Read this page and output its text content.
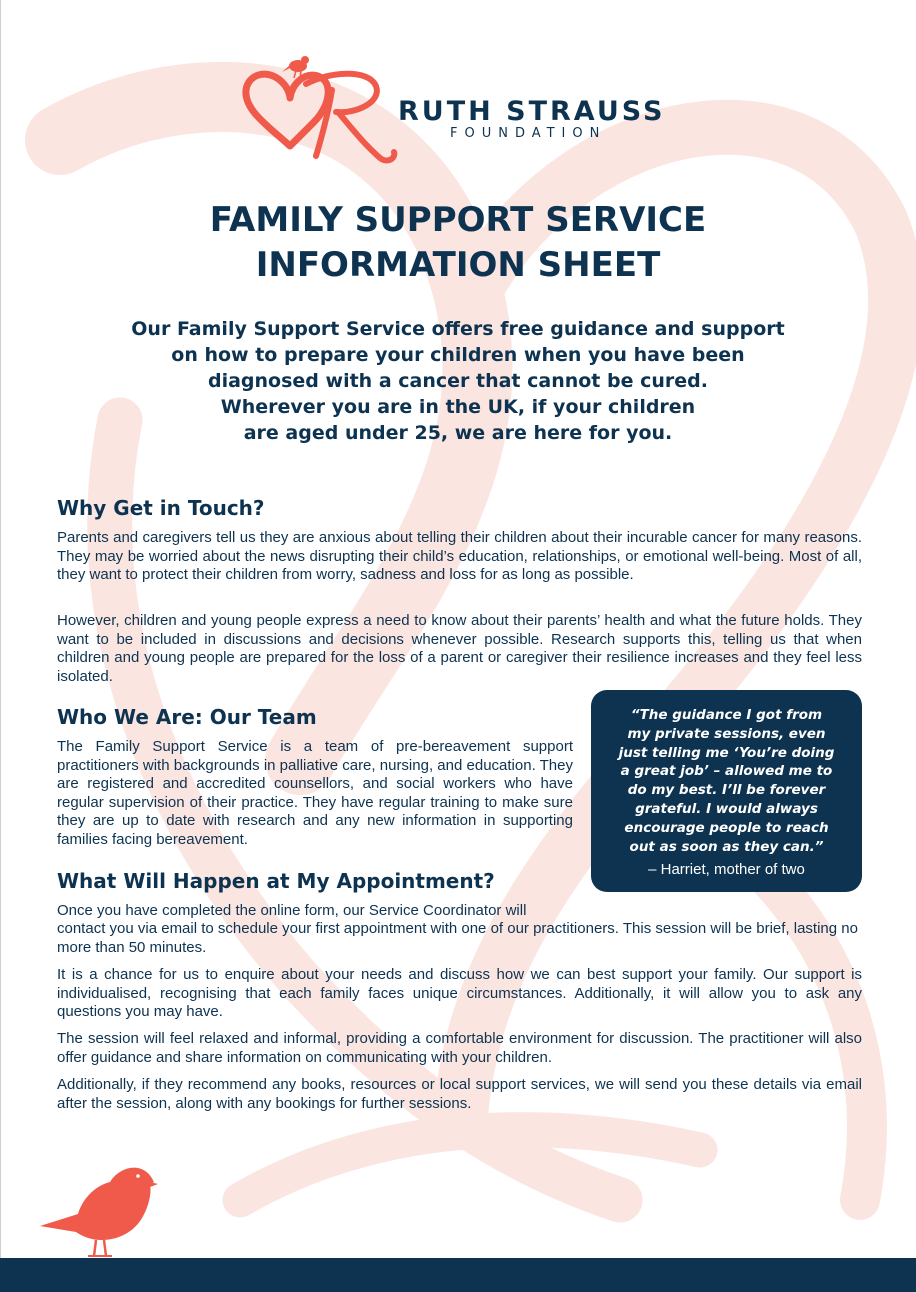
RUTH STRAUSS
FOUNDATION
FAMILY SUPPORT SERVICE
INFORMATION SHEET
Our Family Support Service offers free guidance and support
on how to prepare your children when you have been
diagnosed with a cancer that cannot be cured.
Wherever you are in the UK, if your children
are aged under 25, we are here for you.
Why Get in Touch?

Parents and caregivers tell us they are anxious about telling their children about their incurable cancer for many reasons. They may be worried about the news disrupting their child’s education, relationships, or emotional well-being. Most of all, they want to protect their children from worry, sadness and loss for as long as possible.

However, children and young people express a need to know about their parents’ health and what the future holds. They want to be included in discussions and decisions whenever possible. Research supports this, telling us that when children and young people are prepared for the loss of a parent or caregiver their resilience increases and they feel less isolated.

Who We Are: Our Team

The Family Support Service is a team of pre-bereavement support practitioners with backgrounds in palliative care, nursing, and education. They are registered and accredited counsellors, and social workers who have regular supervision of their practice. They have regular training to make sure they are up to date with research and any new information in supporting families facing bereavement.

“The guidance I got from
my private sessions, even
just telling me ‘You’re doing
a great job’ – allowed me to
do my best. I’ll be forever
grateful. I would always
encourage people to reach
out as soon as they can.”
– Harriet, mother of two
What Will Happen at My Appointment?

Once you have completed the online form, our Service Coordinator will

contact you via email to schedule your first appointment with one of our practitioners. This session will be brief, lasting no more than 50 minutes.

It is a chance for us to enquire about your needs and discuss how we can best support your family. Our support is individualised, recognising that each family faces unique circumstances. Additionally, it will allow you to ask any questions you may have.

The session will feel relaxed and informal, providing a comfortable environment for discussion. The practitioner will also offer guidance and share information on communicating with your children.

Additionally, if they recommend any books, resources or local support services, we will send you these details via email after the session, along with any bookings for further sessions.
